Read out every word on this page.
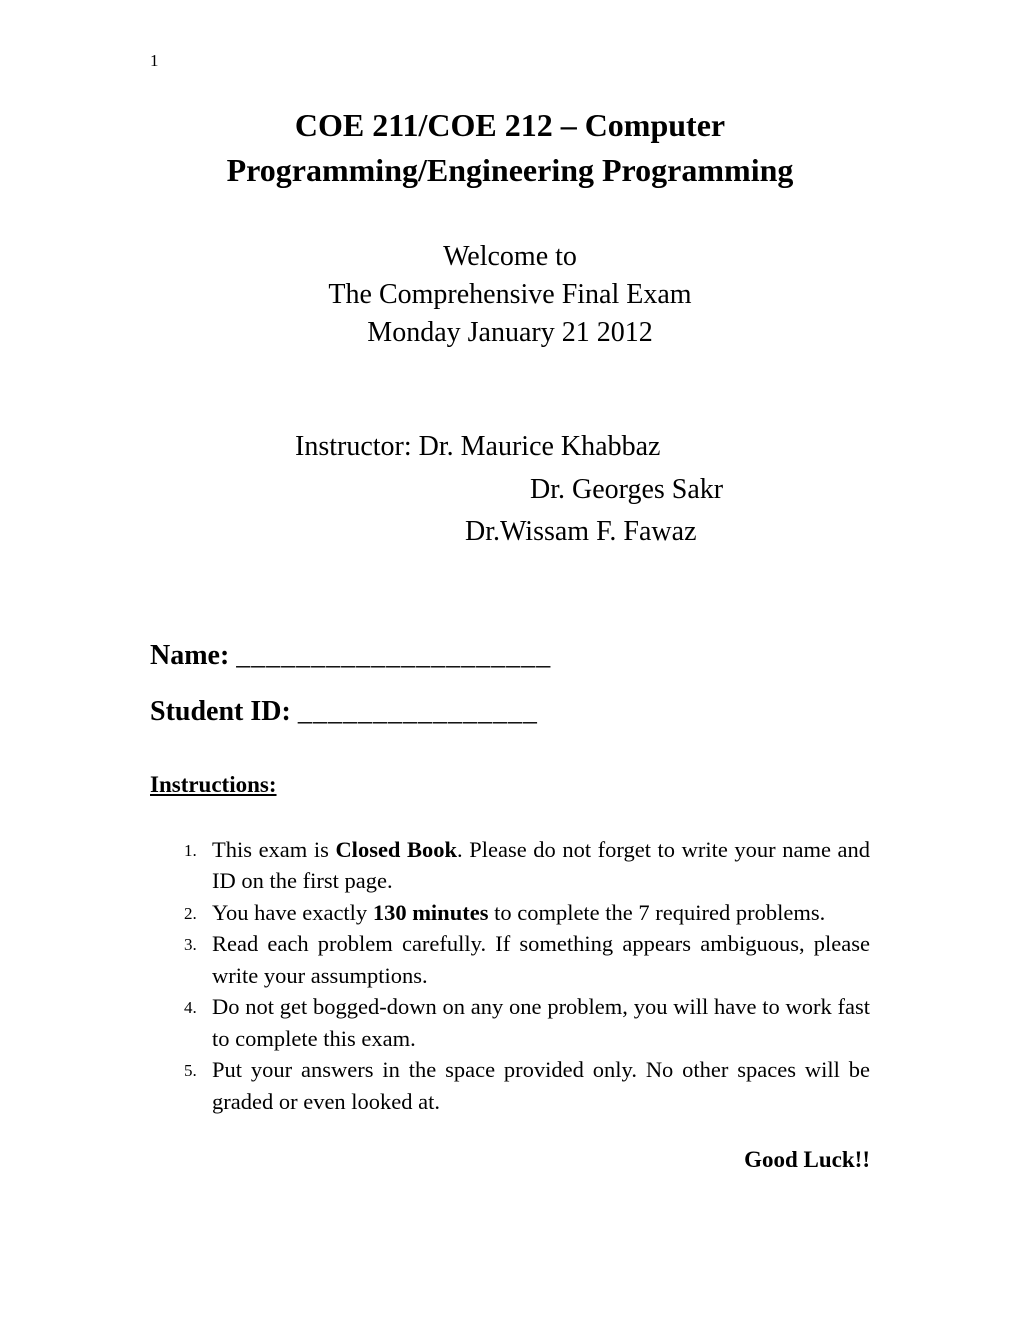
1
COE 211/COE 212 – Computer
Programming/Engineering Programming
Welcome to
The Comprehensive Final Exam
Monday January 21 2012
Instructor: Dr. Maurice Khabbaz
Dr. Georges Sakr
Dr.Wissam F. Fawaz
Name: _____________________
Student ID: ________________
Instructions:
1. This exam is Closed Book. Please do not forget to write your name and ID on the first page.
2. You have exactly 130 minutes to complete the 7 required problems.
3. Read each problem carefully. If something appears ambiguous, please write your assumptions.
4. Do not get bogged-down on any one problem, you will have to work fast to complete this exam.
5. Put your answers in the space provided only. No other spaces will be graded or even looked at.
Good Luck!!
